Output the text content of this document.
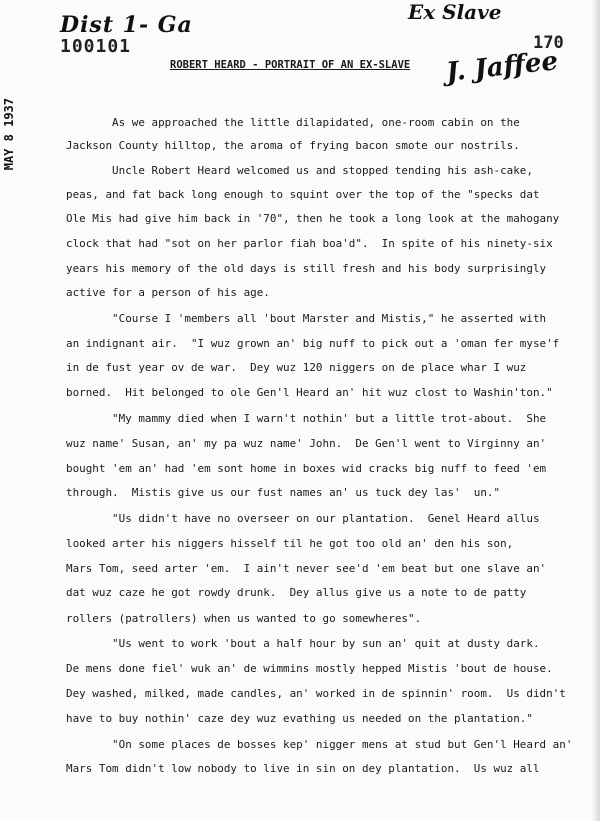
Dist 1- Ga
100101
Ex Slave
170
MAY 8 1937
J. Jaffee
ROBERT HEARD - PORTRAIT OF AN EX-SLAVE
As we approached the little dilapidated, one-room cabin on the
Jackson County hilltop, the aroma of frying bacon smote our nostrils.
Uncle Robert Heard welcomed us and stopped tending his ash-cake,
peas, and fat back long enough to squint over the top of the "specks dat
Ole Mis had give him back in '70", then he took a long look at the mahogany
clock that had "sot on her parlor fiah boa'd".  In spite of his ninety-six
years his memory of the old days is still fresh and his body surprisingly
active for a person of his age.
"Course I 'members all 'bout Marster and Mistis," he asserted with
an indignant air.  "I wuz grown an' big nuff to pick out a 'oman fer myse'f
in de fust year ov de war.  Dey wuz 120 niggers on de place whar I wuz
borned.  Hit belonged to ole Gen'l Heard an' hit wuz clost to Washin'ton."
"My mammy died when I warn't nothin' but a little trot-about.  She
wuz name' Susan, an' my pa wuz name' John.  De Gen'l went to Virginny an'
bought 'em an' had 'em sont home in boxes wid cracks big nuff to feed 'em
through.  Mistis give us our fust names an' us tuck dey las'  un."
"Us didn't have no overseer on our plantation.  Genel Heard allus
looked arter his niggers hisself til he got too old an' den his son,
Mars Tom, seed arter 'em.  I ain't never see'd 'em beat but one slave an'
dat wuz caze he got rowdy drunk.  Dey allus give us a note to de patty
rollers (patrollers) when us wanted to go somewheres".
"Us went to work 'bout a half hour by sun an' quit at dusty dark.
De mens done fiel' wuk an' de wimmins mostly hepped Mistis 'bout de house.
Dey washed, milked, made candles, an' worked in de spinnin' room.  Us didn't
have to buy nothin' caze dey wuz evathing us needed on the plantation."
"On some places de bosses kep' nigger mens at stud but Gen'l Heard an'
Mars Tom didn't low nobody to live in sin on dey plantation.  Us wuz all
